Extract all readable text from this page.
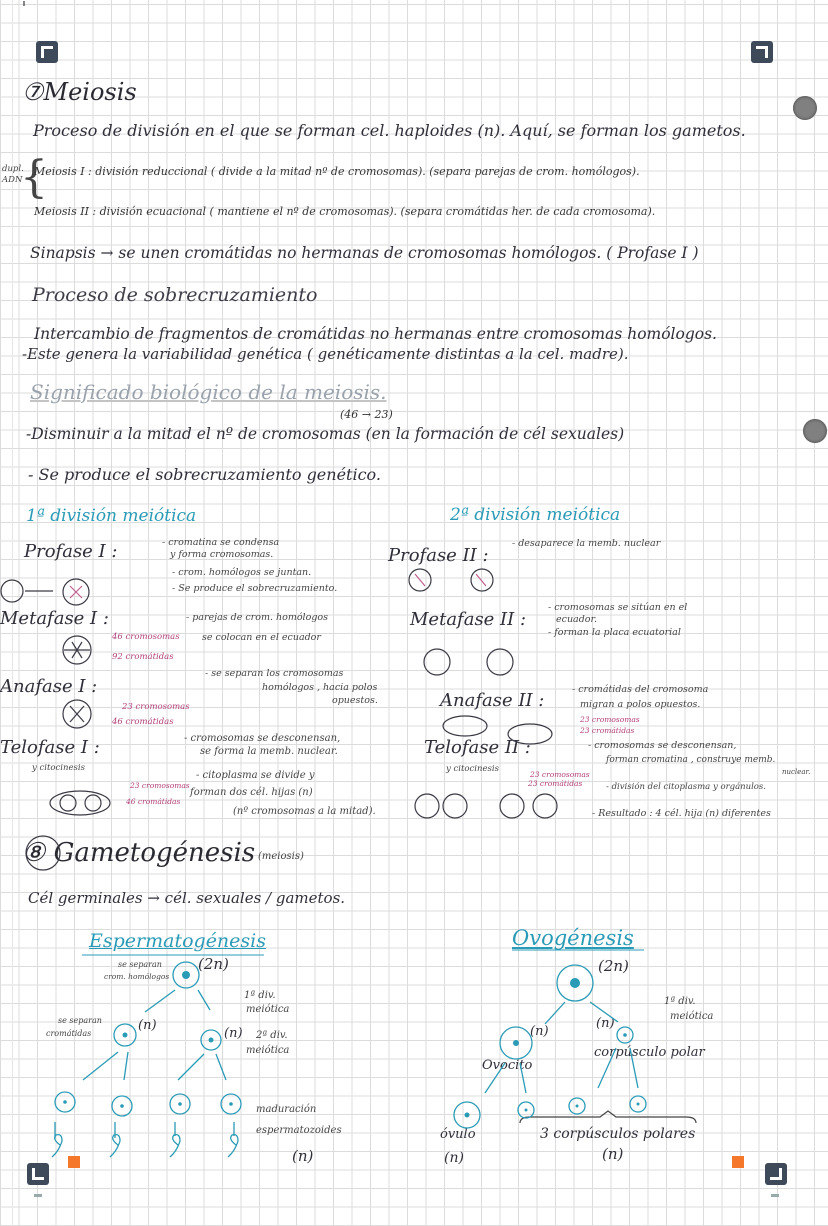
⑦Meiosis
Proceso de división en el que se forman cel. haploides (n). Aquí, se forman los gametos.
dupl. ADN
{
Meiosis I : división reduccional ( divide a la mitad nº de cromosomas). (separa parejas de crom. homólogos).
Meiosis II : división ecuacional ( mantiene el nº de cromosomas). (separa cromátidas her. de cada cromosoma).
Sinapsis → se unen cromátidas no hermanas de cromosomas homólogos. ( Profase I )
Proceso de sobrecruzamiento
Intercambio de fragmentos de cromátidas no hermanas entre cromosomas homólogos.
-Este genera la variabilidad genética ( genéticamente distintas a la cel. madre).
Significado biológico de la meiosis.
(46 → 23)
-Disminuir a la mitad el nº de cromosomas (en la formación de cél sexuales)
- Se produce el sobrecruzamiento genético.
1ª división meiótica
Profase I :	- cromatina se condensa
y forma cromosomas.
- crom. homólogos se juntan.
- Se produce el sobrecruzamiento.
Metafase I :	- parejas de crom. homólogos
se colocan en el ecuador
46 cromosomas
92 cromátidas
Anafase I :
- se separan los cromosomas
homólogos , hacia polos
opuestos.
23 cromosomas
46 cromátidas
Telofase I :
y citocinesis
- cromosomas se desconensan,
se forma la memb. nuclear.
- citoplasma se divide y
forman dos cél. hijas (n)
(nº cromosomas a la mitad).
23 cromosomas
46 cromátidas
2ª división meiótica
Profase II :
- desaparece la memb. nuclear
Metafase II :
- cromosomas se sitúan en el
ecuador.
- forman la placa ecuatorial
Anafase II :
- cromátidas del cromosoma
migran a polos opuestos.
23 cromosomas
23 cromátidas
Telofase II :
y citocinesis
- cromosomas se desconensan,
forman cromatina , construye memb.
nuclear.
- división del citoplasma y orgánulos.
23 cromosomas
23 cromátidas
- Resultado : 4 cél. hija (n) diferentes
⑧ Gametogénesis (meiosis)
Cél germinales → cél. sexuales / gametos.
Espermatogénesis
(2n)
se separan
crom. homólogos
1ª div.
meiótica
se separan
cromátidas
(n)
(n) 2ª div.
meiótica
maduración
espermatozoides
(n)
Ovogénesis
(2n)
1ª div.
meiótica
(n)
(n)
Ovocito
corpúsculo polar
óvulo
(n)
3 corpúsculos polares
(n)
